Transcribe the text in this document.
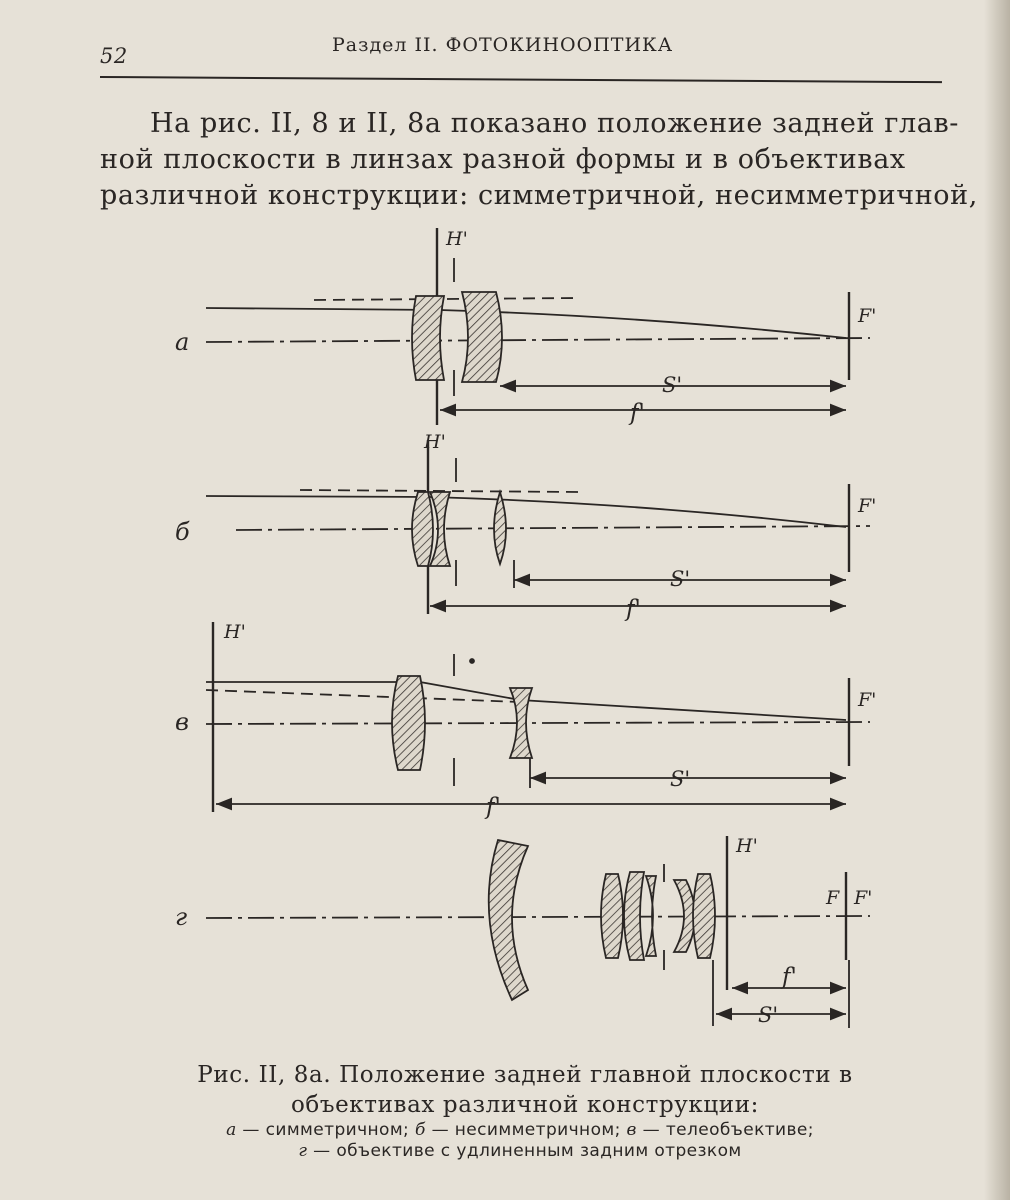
52	Раздел II. ФОТОКИНООПТИКА
На рис. II, 8 и II, 8а показано положение задней глав-
ной плоскости в линзах разной формы и в объективах
различной конструкции: симметричной, несимметричной,
а
H'
F'
S'
f'
б
H'
F'
S'
f'
в
H'
F'
S'
f'
г
H'
F F'
f'
S'
Рис. II, 8а. Положение задней главной плоскости в
объективах различной конструкции:
а — симметричном; б — несимметричном; в — телеобъективе;
г — объективе с удлиненным задним отрезком
